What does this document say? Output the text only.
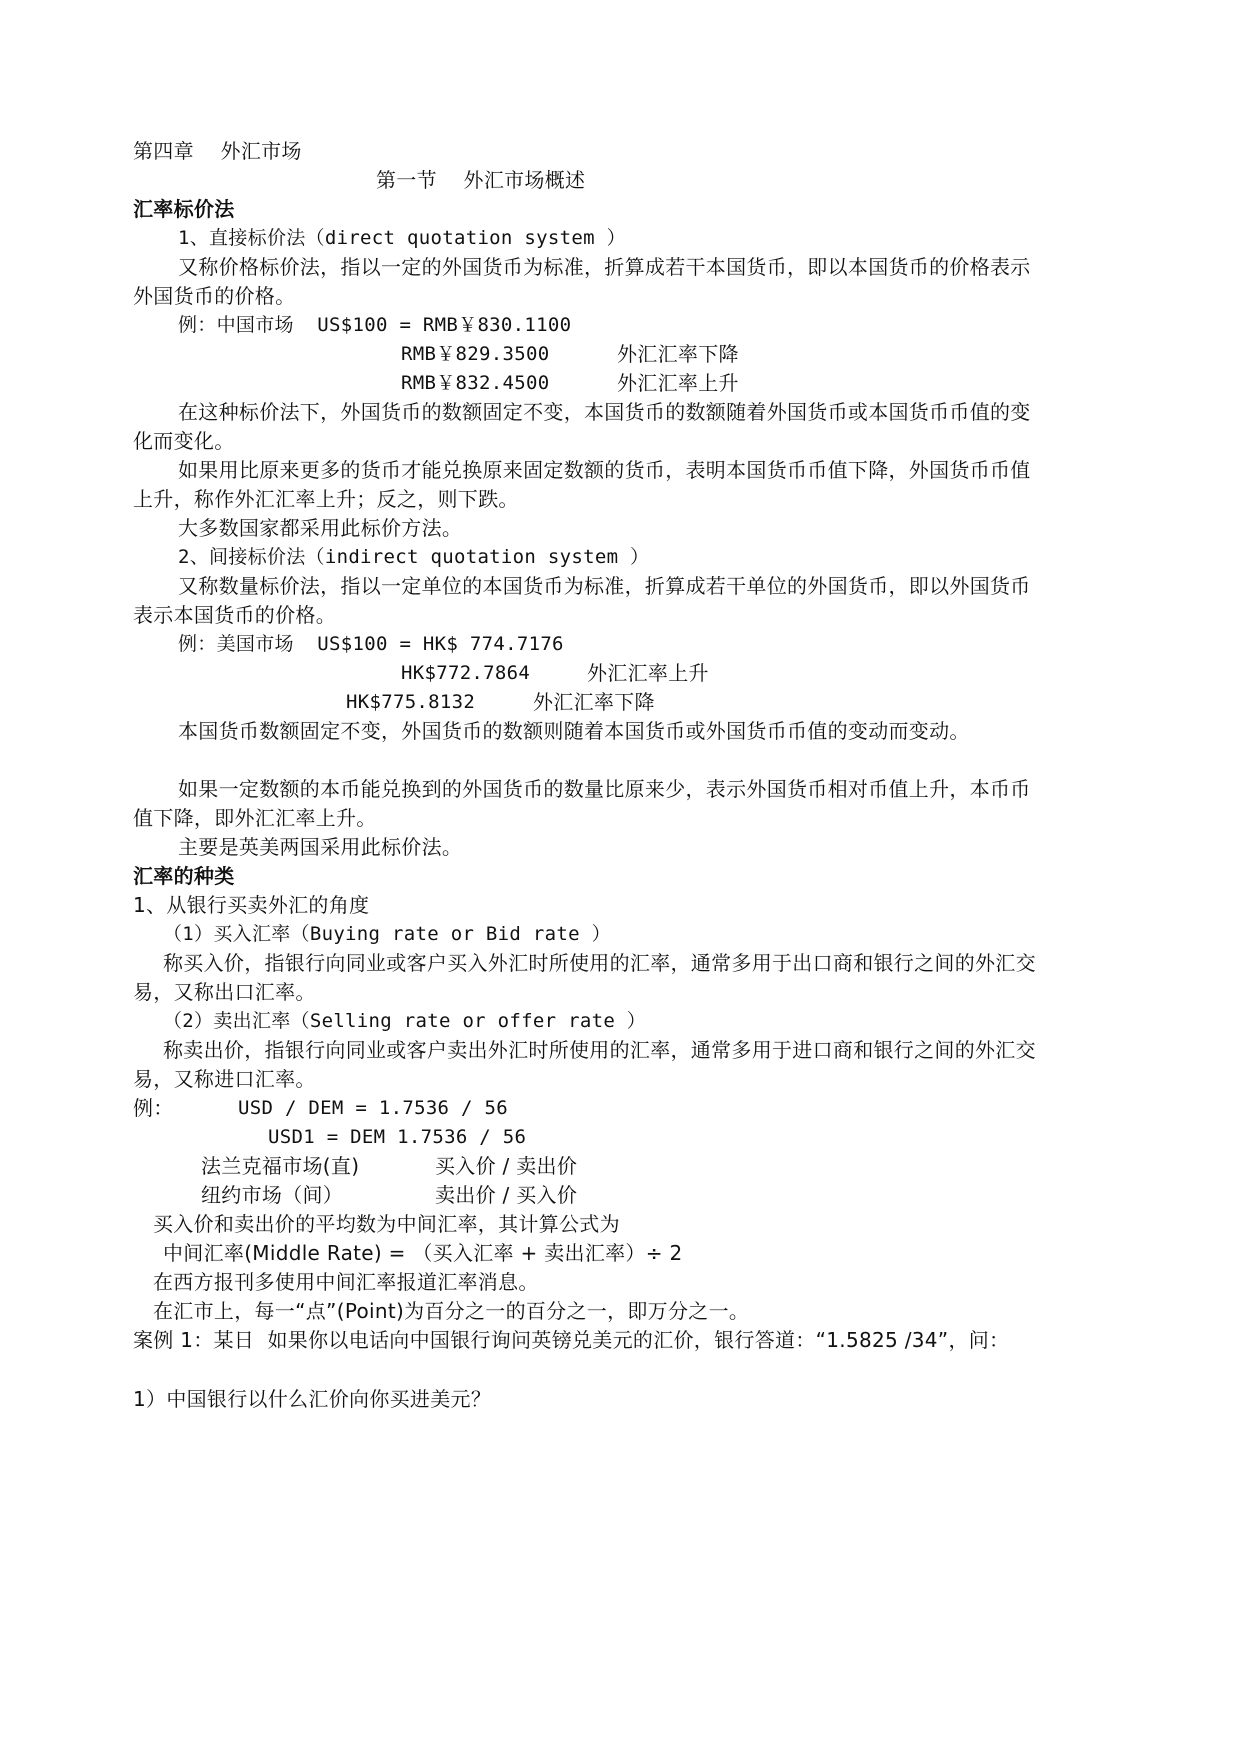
第四章    外汇市场
第一节    外汇市场概述
汇率标价法
1、直接标价法（direct quotation system ）
又称价格标价法，指以一定的外国货币为标准，折算成若干本国货币，即以本国货币的价格表示
外国货币的价格。
例：中国市场  US$100 = RMB￥830.1100
RMB￥829.3500	外汇汇率下降
RMB￥832.4500	外汇汇率上升
在这种标价法下，外国货币的数额固定不变，本国货币的数额随着外国货币或本国货币币值的变
化而变化。
如果用比原来更多的货币才能兑换原来固定数额的货币，表明本国货币币值下降，外国货币币值
上升，称作外汇汇率上升；反之，则下跌。
大多数国家都采用此标价方法。
2、间接标价法（indirect quotation system ）
又称数量标价法，指以一定单位的本国货币为标准，折算成若干单位的外国货币，即以外国货币
表示本国货币的价格。
例：美国市场  US$100 = HK$ 774.7176
HK$772.7864	外汇汇率上升
HK$775.8132	外汇汇率下降
本国货币数额固定不变，外国货币的数额则随着本国货币或外国货币币值的变动而变动。
如果一定数额的本币能兑换到的外国货币的数量比原来少，表示外国货币相对币值上升，本币币
值下降，即外汇汇率上升。
主要是英美两国采用此标价法。
汇率的种类
1、从银行买卖外汇的角度
（1）买入汇率（Buying rate or Bid rate ）
称买入价，指银行向同业或客户买入外汇时所使用的汇率，通常多用于出口商和银行之间的外汇交
易，又称出口汇率。
（2）卖出汇率（Selling rate or offer rate ）
称卖出价，指银行向同业或客户卖出外汇时所使用的汇率，通常多用于进口商和银行之间的外汇交
易，又称进口汇率。
例：	USD / DEM = 1.7536 / 56
USD1 = DEM 1.7536 / 56
法兰克福市场(直)	买入价 / 卖出价
纽约市场（间）	卖出价 / 买入价
买入价和卖出价的平均数为中间汇率，其计算公式为
中间汇率(Middle Rate) = （买入汇率 + 卖出汇率）÷ 2
在西方报刊多使用中间汇率报道汇率消息。
在汇市上，每一“点”(Point)为百分之一的百分之一，即万分之一。
案例 1：某日  如果你以电话向中国银行询问英镑兑美元的汇价，银行答道：“1.5825 /34”，问：
1）中国银行以什么汇价向你买进美元？
